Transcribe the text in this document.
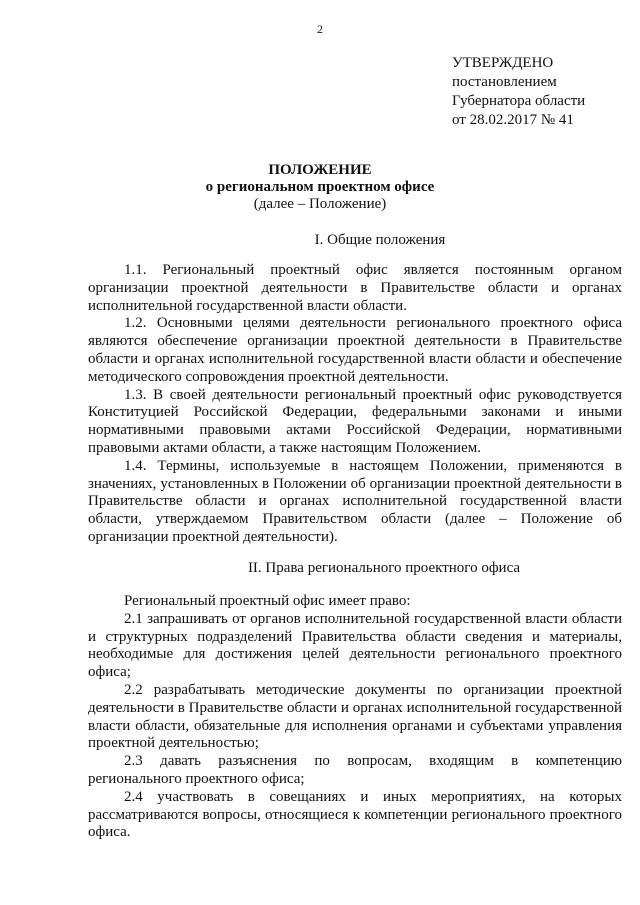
2
УТВЕРЖДЕНО
постановлением
Губернатора области
от 28.02.2017 № 41
ПОЛОЖЕНИЕ
о региональном проектном офисе
(далее – Положение)
I. Общие положения

1.1. Региональный проектный офис является постоянным органом организации проектной деятельности в Правительстве области и органах исполнительной государственной власти области.

1.2. Основными целями деятельности регионального проектного офиса являются обеспечение организации проектной деятельности в Правительстве области и органах исполнительной государственной власти области и обеспечение методического сопровождения проектной деятельности.

1.3. В своей деятельности региональный проектный офис руководствуется Конституцией Российской Федерации, федеральными законами и иными нормативными правовыми актами Российской Федерации, нормативными правовыми актами области, а также настоящим Положением.

1.4. Термины, используемые в настоящем Положении, применяются в значениях, установленных в Положении об организации проектной деятельности в Правительстве области и органах исполнительной государственной власти области, утверждаемом Правительством области (далее – Положение об организации проектной деятельности).

II. Права регионального проектного офиса

Региональный проектный офис имеет право:

2.1 запрашивать от органов исполнительной государственной власти области и структурных подразделений Правительства области сведения и материалы, необходимые для достижения целей деятельности регионального проектного офиса;

2.2 разрабатывать методические документы по организации проектной деятельности в Правительстве области и органах исполнительной государственной власти области, обязательные для исполнения органами и субъектами управления проектной деятельностью;

2.3 давать разъяснения по вопросам, входящим в компетенцию регионального проектного офиса;

2.4 участвовать в совещаниях и иных мероприятиях, на которых рассматриваются вопросы, относящиеся к компетенции регионального проектного офиса.
